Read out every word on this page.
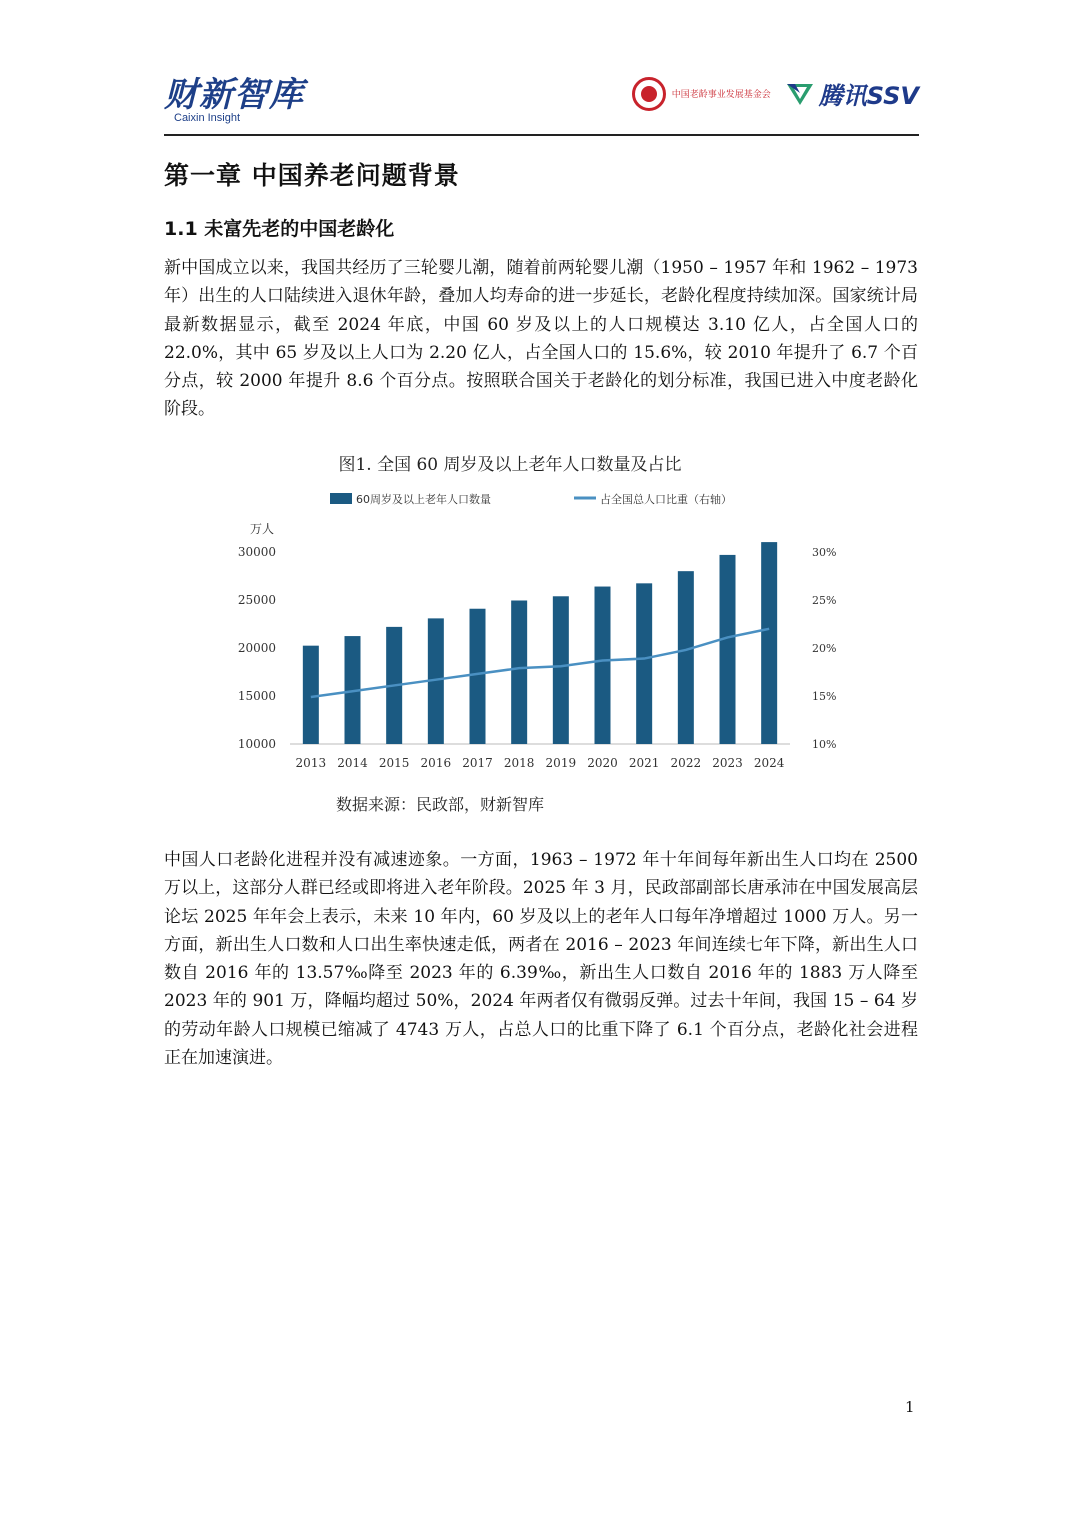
财新智库
Caixin Insight
中国老龄事业发展基金会 腾讯SSV
第一章 中国养老问题背景
1.1 未富先老的中国老龄化

新中国成立以来，我国共经历了三轮婴儿潮，随着前两轮婴儿潮（1950 – 1957 年和 1962 – 1973 年）出生的人口陆续进入退休年龄，叠加人均寿命的进一步延长，老龄化程度持续加深。国家统计局最新数据显示，截至 2024 年底，中国 60 岁及以上的人口规模达 3.10 亿人，占全国人口的 22.0%，其中 65 岁及以上人口为 2.20 亿人，占全国人口的 15.6%，较 2010 年提升了 6.7 个百分点，较 2000 年提升 8.6 个百分点。按照联合国关于老龄化的划分标准，我国已进入中度老龄化阶段。

图1. 全国 60 周岁及以上老年人口数量及占比
60周岁及以上老年人口数量	占全国总人口比重（右轴）
万人
10000
15000
20000
25000
30000
10%
15%
20%
25%
30%
2013 2014 2015 2016 2017 2018 2019 2020 2021 2022 2023 2024
数据来源：民政部，财新智库

中国人口老龄化进程并没有减速迹象。一方面，1963 – 1972 年十年间每年新出生人口均在 2500 万以上，这部分人群已经或即将进入老年阶段。2025 年 3 月，民政部副部长唐承沛在中国发展高层论坛 2025 年年会上表示，未来 10 年内，60 岁及以上的老年人口每年净增超过 1000 万人。另一方面，新出生人口数和人口出生率快速走低，两者在 2016 – 2023 年间连续七年下降，新出生人口数自 2016 年的 13.57‰降至 2023 年的 6.39‰，新出生人口数自 2016 年的 1883 万人降至 2023 年的 901 万，降幅均超过 50%，2024 年两者仅有微弱反弹。过去十年间，我国 15 – 64 岁的劳动年龄人口规模已缩减了 4743 万人，占总人口的比重下降了 6.1 个百分点，老龄化社会进程正在加速演进。

1
